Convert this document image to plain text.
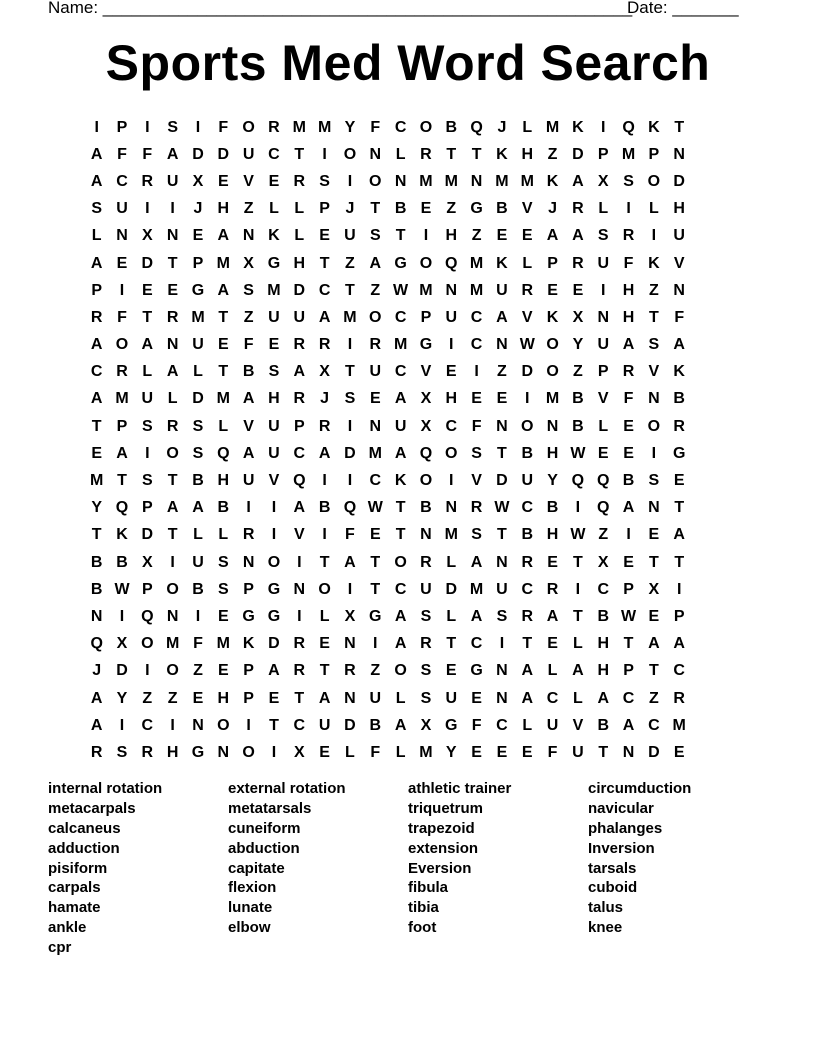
Name: ________________________________________________________
Date: _______
Sports Med Word Search
I	P	I	S	I	F O R M M Y F C O B Q J L M K	I	Q K T
A F F A D D U C T	I	O N L R T T K H Z D P M P N
A C R U X E V E R S	I	O N M M N M M K A X S O D
S U	I	I	J H Z L L P J T B E Z G B V J R L	I	L H
L N X N E A N K L E U S T	I	H Z E E A A S R	I	U
A E D T P M X G H T Z A G O Q M K L P R U F K V
P	I	E E G A S M D C T Z W M N M U R E E	I	H Z N
R F T R M T Z U U A M O C P U C A V K X N H T F
A O A N U E F E R R	I	R M G	I	C N W O Y U A S A
C R L A L T B S A X T U C V E	I	Z D O Z P R V K
A M U L D M A H R J S E A X H E E	I	M B V F N B
T P S R S L V U P R	I	N U X C F N O N B L E O R
E A	I	O S Q A U C A D M A Q O S T B H W E E	I	G
M T S T B H U V Q	I	I	C K O	I	V D U Y Q Q B S E
Y Q P A A B	I	I	A B Q W T B N R W C B	I	Q A N T
T K D T L L R	I	V	I	F E T N M S T B H W Z	I	E A
B B X	I	U S N O	I	T A T O R L A N R E T X E T T
B W P O B S P G N O	I	T C U D M U C R	I	C P X	I
N	I	Q N	I	E G G	I	L X G A S L A S R A T B W E P
Q X O M F M K D R E N	I	A R T C	I	T E L H T A A
J D	I	O Z E P A R T R Z O S E G N A L A H P T C
A Y Z Z E H P E T A N U L S U E N A C L A C Z R
A	I	C	I	N O	I	T C U D B A X G F C L U V B A C M
R S R H G N O	I	X E L F L M Y E E E F U T N D E
internal rotation	external rotation	athletic trainer	circumduction
metacarpals	metatarsals	triquetrum	navicular
calcaneus	cuneiform	trapezoid	phalanges
adduction	abduction	extension	Inversion
pisiform	capitate	Eversion	tarsals
carpals	flexion	fibula	cuboid
hamate	lunate	tibia	talus
ankle	elbow	foot	knee
cpr
